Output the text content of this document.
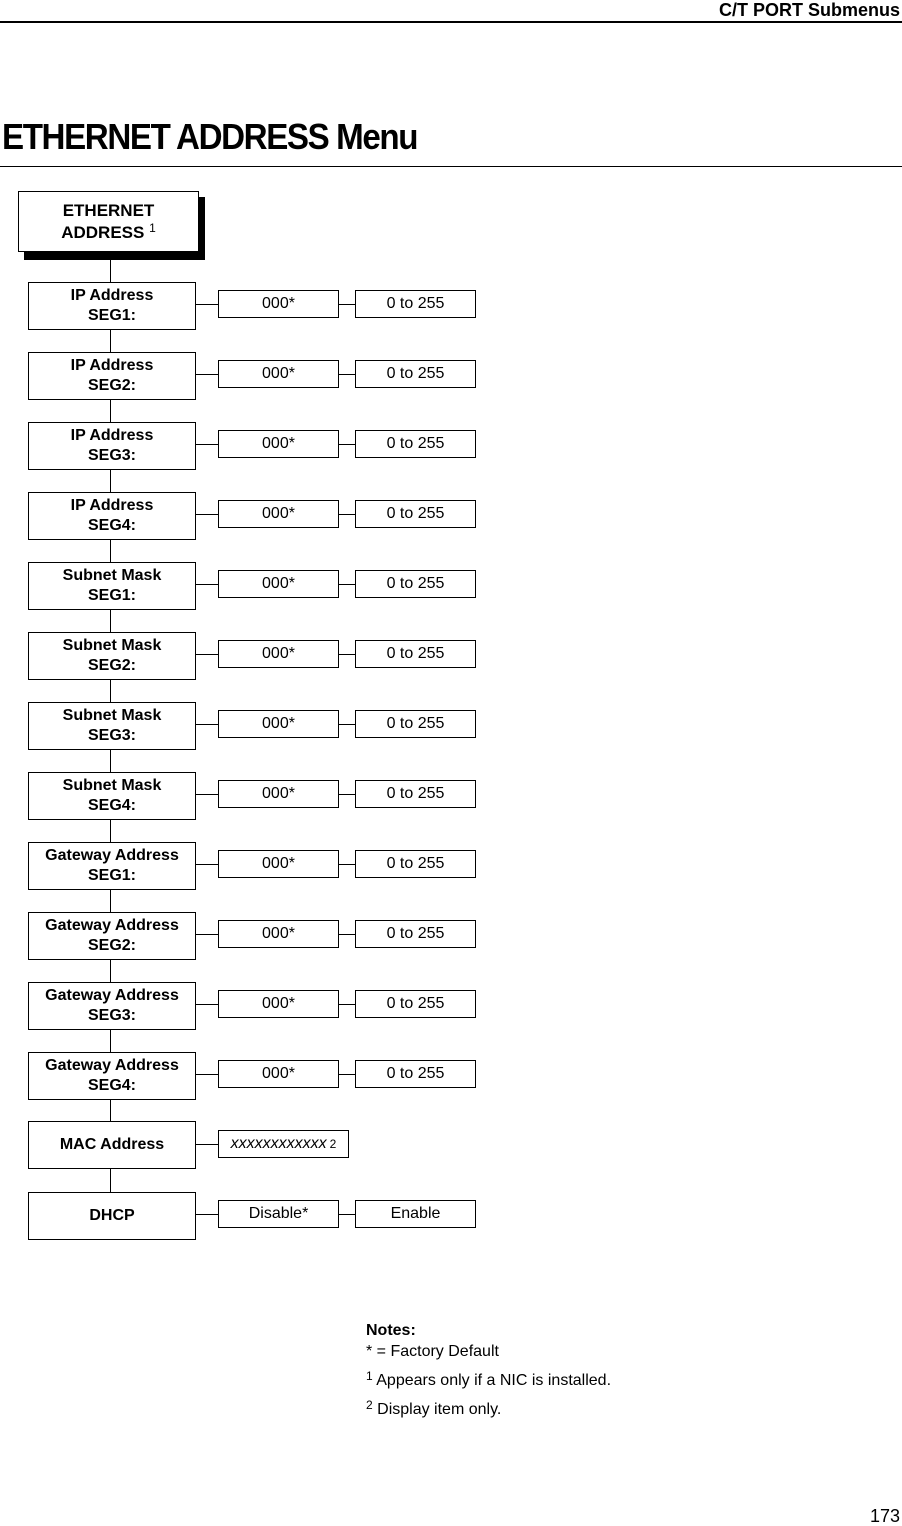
C/T PORT Submenus
ETHERNET ADDRESS Menu
ETHERNET
ADDRESS $^1$
IP Address
SEG1:
000*	0 to 255
IP Address
SEG2:
000*	0 to 255
IP Address
SEG3:
000*	0 to 255
IP Address
SEG4:
000*	0 to 255
Subnet Mask
SEG1:
000*	0 to 255
Subnet Mask
SEG2:
000*	0 to 255
Subnet Mask
SEG3:
000*	0 to 255
Subnet Mask
SEG4:
000*	0 to 255
Gateway Address
SEG1:
000*	0 to 255
Gateway Address
SEG2:
000*	0 to 255
Gateway Address
SEG3:
000*	0 to 255
Gateway Address
SEG4:
000*	0 to 255
MAC Address	xxxxxxxxxxxx 2
DHCP	Disable*	Enable
Notes:
* = Factory Default
$^1$ Appears only if a NIC is installed.
$^2$ Display item only.
173
